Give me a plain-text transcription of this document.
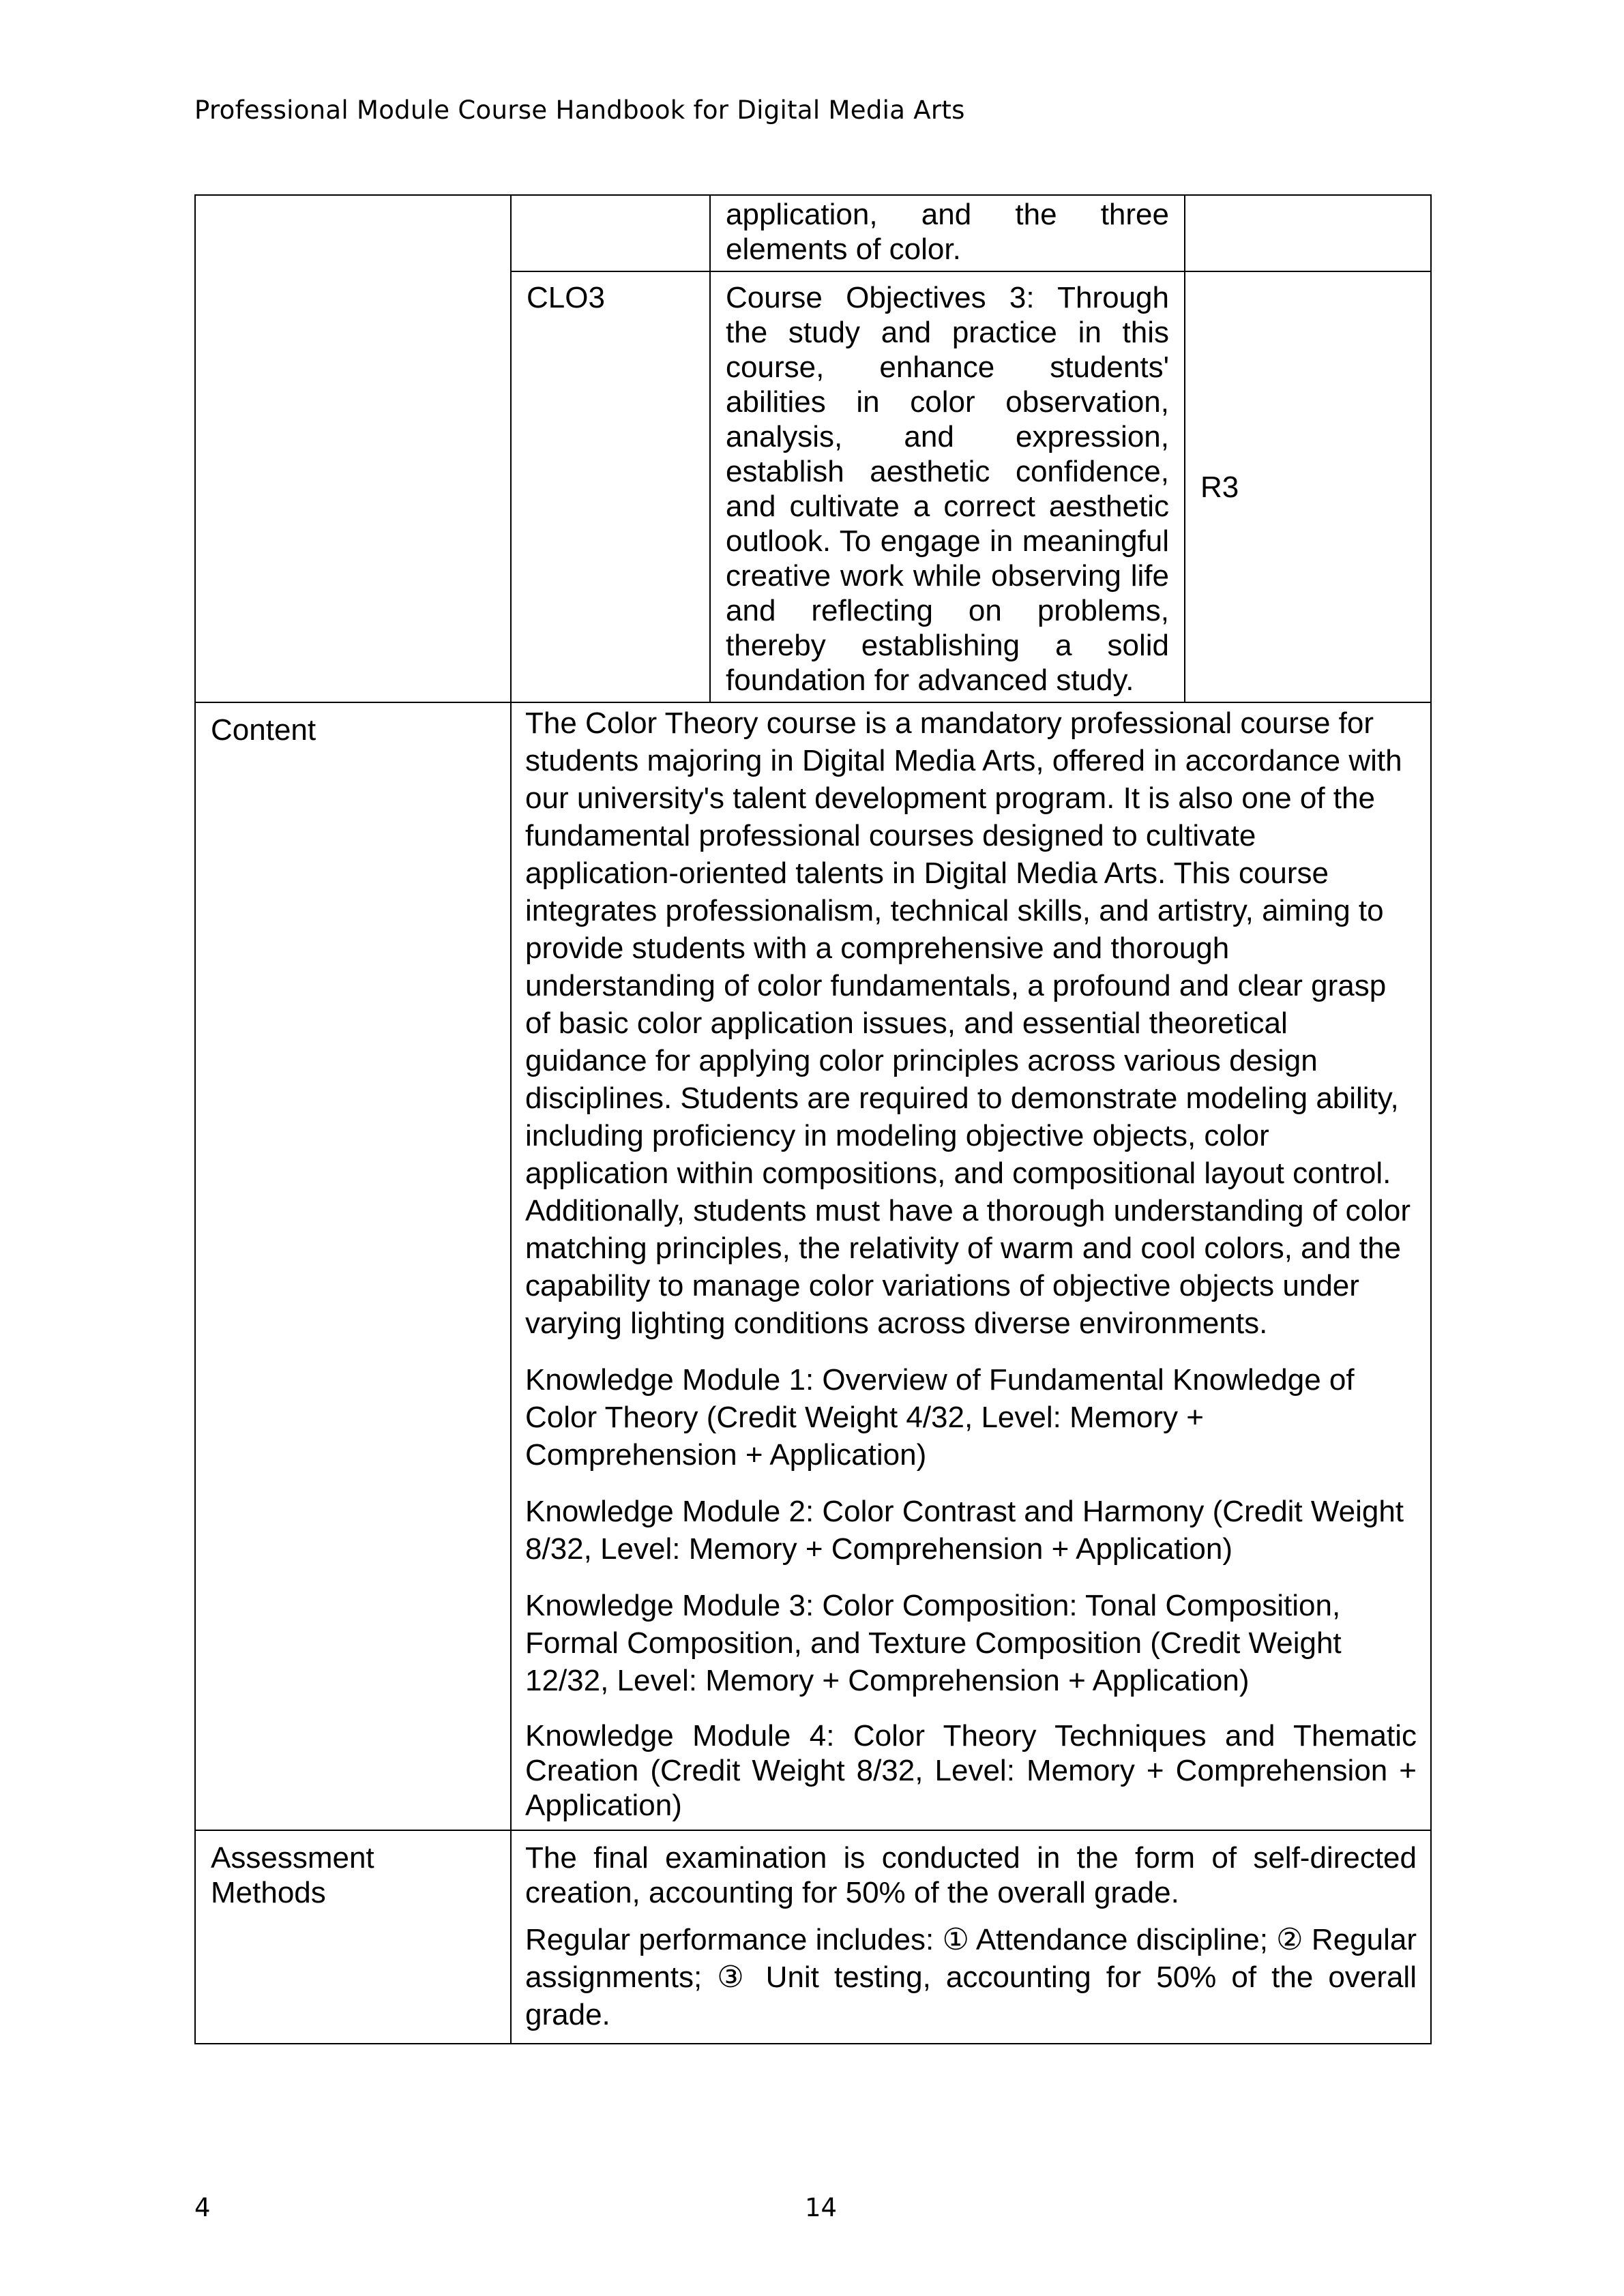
Professional Module Course Handbook for Digital Media Arts
		application, and the three elements of color.	
	CLO3	Course Objectives 3: Through the study and practice in this course, enhance students' abilities in color observation, analysis, and expression, establish aesthetic confidence, and cultivate a correct aesthetic outlook. To engage in meaningful creative work while observing life and reflecting on problems, thereby establishing a solid foundation for advanced study.	R3
Content	The Color Theory course is a mandatory professional course for students majoring in Digital Media Arts, offered in accordance with our university's talent development program. It is also one of the fundamental professional courses designed to cultivate application-oriented talents in Digital Media Arts. This course integrates professionalism, technical skills, and artistry, aiming to provide students with a comprehensive and thorough understanding of color fundamentals, a profound and clear grasp of basic color application issues, and essential theoretical guidance for applying color principles across various design disciplines. Students are required to demonstrate modeling ability, including proficiency in modeling objective objects, color application within compositions, and compositional layout control. Additionally, students must have a thorough understanding of color matching principles, the relativity of warm and cool colors, and the capability to manage color variations of objective objects under varying lighting conditions across diverse environments.

Knowledge Module 1: Overview of Fundamental Knowledge of Color Theory (Credit Weight 4/32, Level: Memory + Comprehension + Application)

Knowledge Module 2: Color Contrast and Harmony (Credit Weight 8/32, Level: Memory + Comprehension + Application)

Knowledge Module 3: Color Composition: Tonal Composition, Formal Composition, and Texture Composition (Credit Weight 12/32, Level: Memory + Comprehension + Application)

Knowledge Module 4: Color Theory Techniques and Thematic Creation (Credit Weight 8/32, Level: Memory + Comprehension + Application)		

Assessment Methods	The final examination is conducted in the form of self-directed creation, accounting for 50% of the overall grade.

Regular performance includes: ① Attendance discipline; ② Regular assignments; ③ Unit testing, accounting for 50% of the overall grade.		

4	14
